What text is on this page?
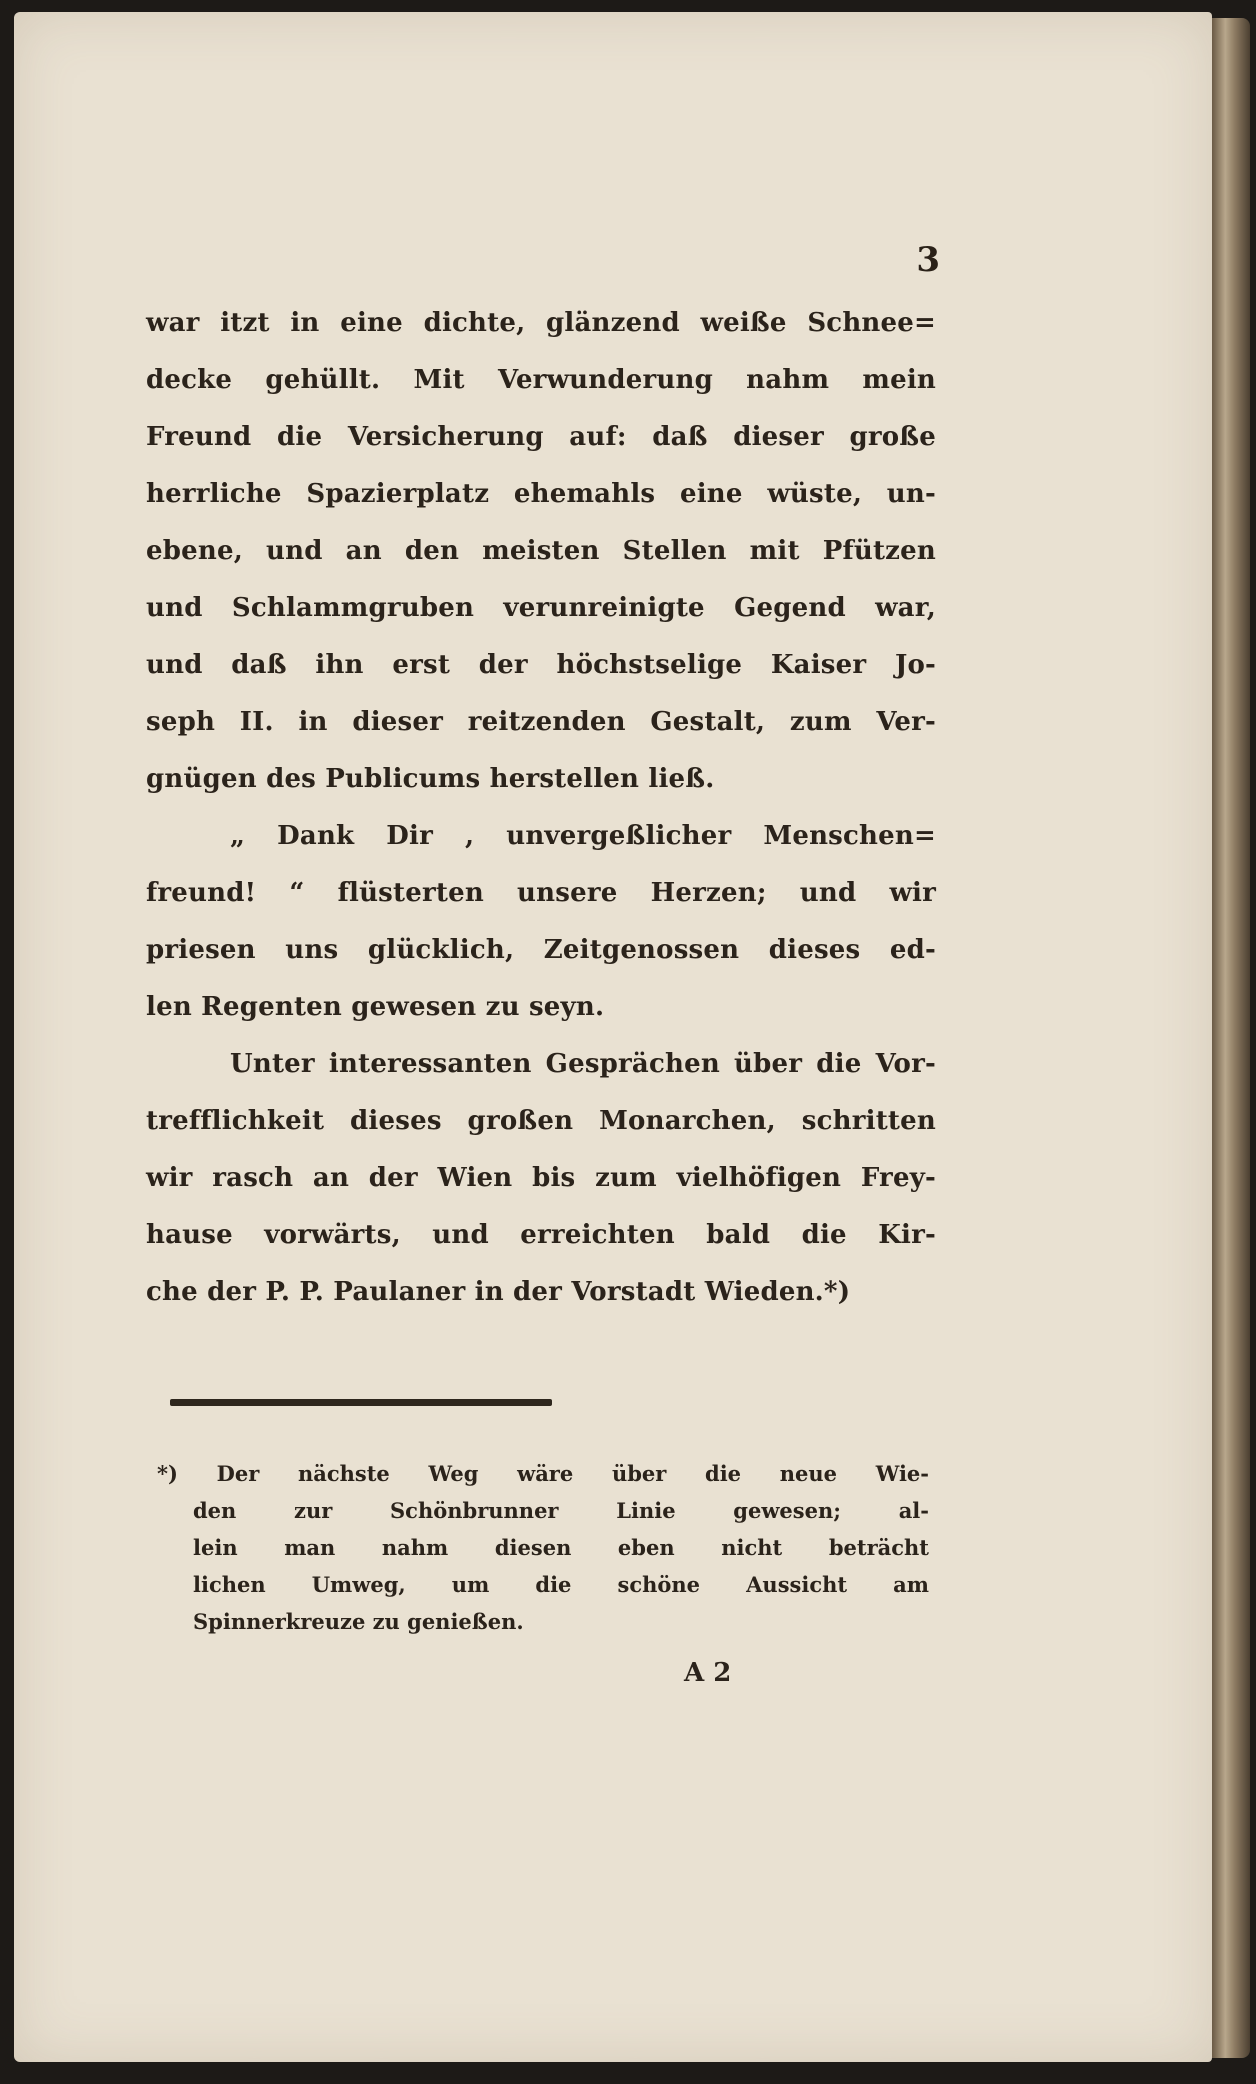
3
war itzt in eine dichte, glänzend weiße Schnee=
decke gehüllt. Mit Verwunderung nahm mein
Freund die Versicherung auf: daß dieser große
herrliche Spazierplatz ehemahls eine wüste, un-
ebene, und an den meisten Stellen mit Pfützen
und Schlammgruben verunreinigte Gegend war,
und daß ihn erst der höchstselige Kaiser Jo-
seph II. in dieser reitzenden Gestalt, zum Ver-
gnügen des Publicums herstellen ließ.
„ Dank Dir , unvergeßlicher Menschen=
freund! “ flüsterten unsere Herzen; und wir
priesen uns glücklich, Zeitgenossen dieses ed-
len Regenten gewesen zu seyn.
Unter interessanten Gesprächen über die Vor-
trefflichkeit dieses großen Monarchen, schritten
wir rasch an der Wien bis zum vielhöfigen Frey-
hause vorwärts, und erreichten bald die Kir-
che der P. P. Paulaner in der Vorstadt Wieden.*)
*) Der nächste Weg wäre über die neue Wie-
den zur Schönbrunner Linie gewesen; al-
lein man nahm diesen eben nicht beträcht
lichen Umweg, um die schöne Aussicht am
Spinnerkreuze zu genießen.
A 2
